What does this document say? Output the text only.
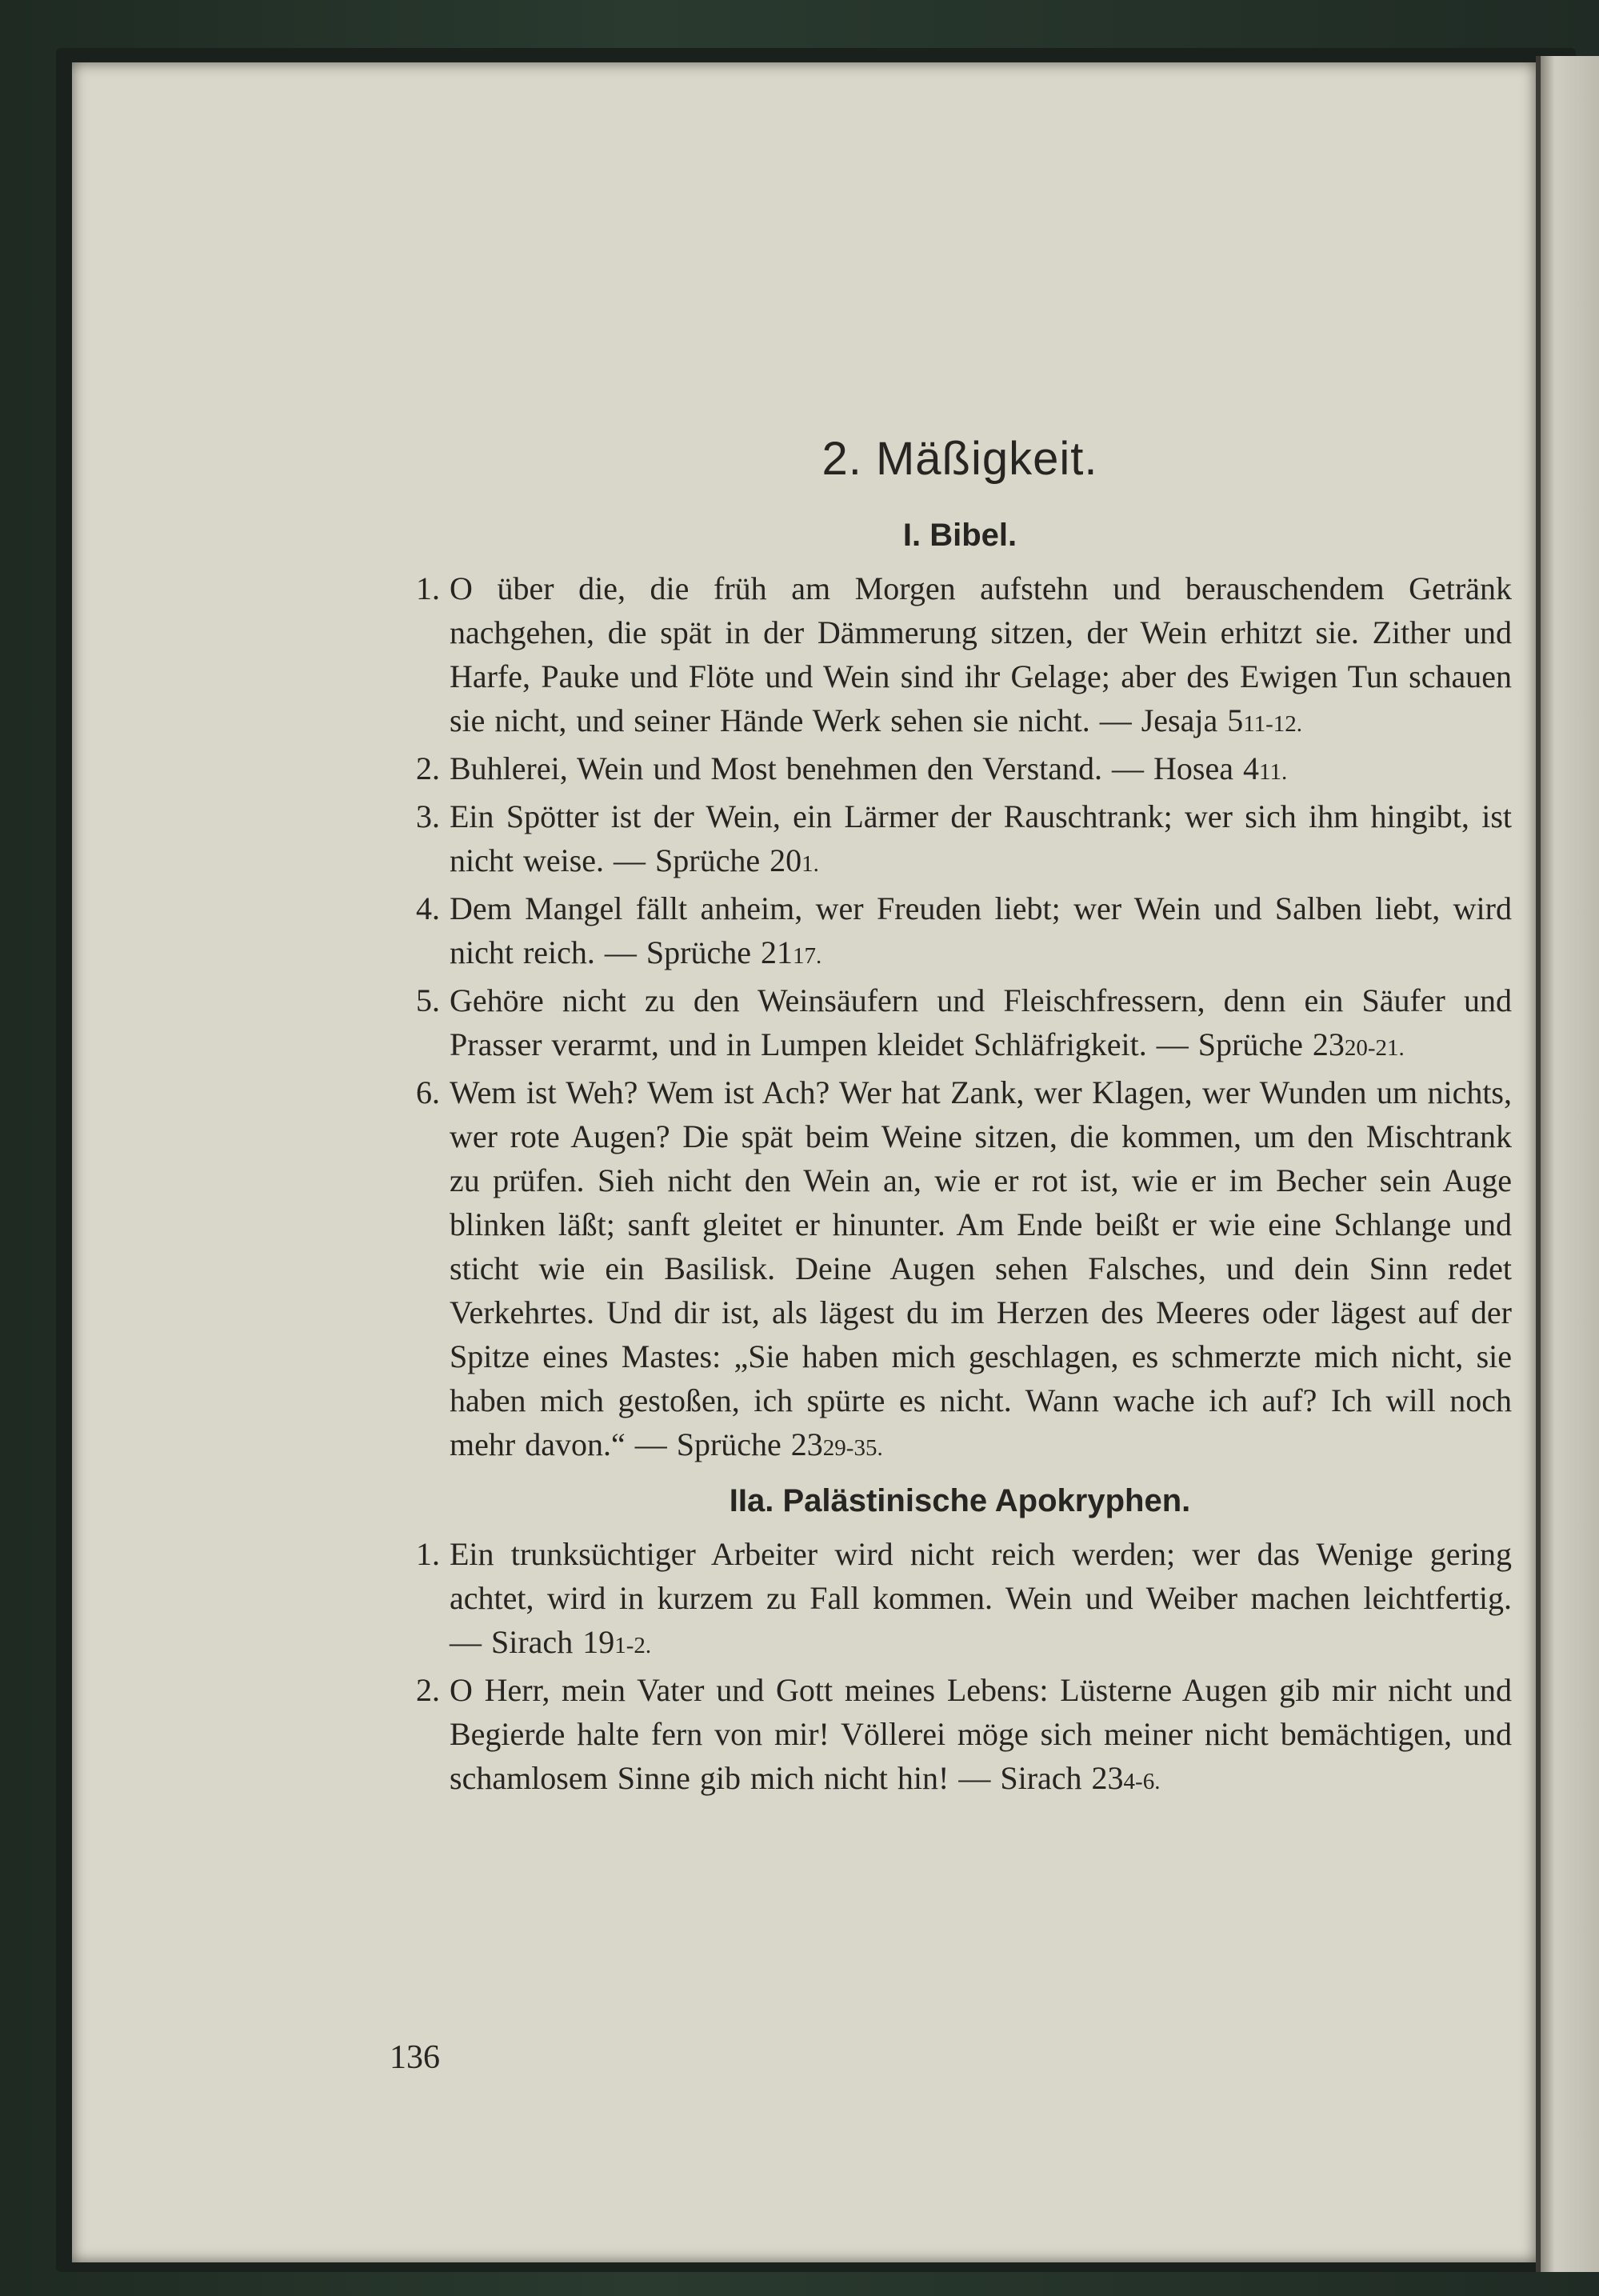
2. Mäßigkeit.
I. Bibel.
1. O über die, die früh am Morgen aufstehn und berauschendem Getränk nachgehen, die spät in der Dämmerung sitzen, der Wein erhitzt sie. Zither und Harfe, Pauke und Flöte und Wein sind ihr Gelage; aber des Ewigen Tun schauen sie nicht, und seiner Hände Werk sehen sie nicht. — Jesaja 511-12.
2. Buhlerei, Wein und Most benehmen den Verstand. — Hosea 411.
3. Ein Spötter ist der Wein, ein Lärmer der Rauschtrank; wer sich ihm hingibt, ist nicht weise. — Sprüche 201.
4. Dem Mangel fällt anheim, wer Freuden liebt; wer Wein und Salben liebt, wird nicht reich. — Sprüche 2117.
5. Gehöre nicht zu den Weinsäufern und Fleischfressern, denn ein Säufer und Prasser verarmt, und in Lumpen kleidet Schläfrigkeit. — Sprüche 2320-21.
6. Wem ist Weh? Wem ist Ach? Wer hat Zank, wer Klagen, wer Wunden um nichts, wer rote Augen? Die spät beim Weine sitzen, die kommen, um den Mischtrank zu prüfen. Sieh nicht den Wein an, wie er rot ist, wie er im Becher sein Auge blinken läßt; sanft gleitet er hinunter. Am Ende beißt er wie eine Schlange und sticht wie ein Basilisk. Deine Augen sehen Falsches, und dein Sinn redet Verkehrtes. Und dir ist, als lägest du im Herzen des Meeres oder lägest auf der Spitze eines Mastes: „Sie haben mich geschlagen, es schmerzte mich nicht, sie haben mich gestoßen, ich spürte es nicht. Wann wache ich auf? Ich will noch mehr davon.“ — Sprüche 2329-35.
IIa. Palästinische Apokryphen.
1. Ein trunksüchtiger Arbeiter wird nicht reich werden; wer das Wenige gering achtet, wird in kurzem zu Fall kommen. Wein und Weiber machen leichtfertig. — Sirach 191-2.
2. O Herr, mein Vater und Gott meines Lebens: Lüsterne Augen gib mir nicht und Begierde halte fern von mir! Völlerei möge sich meiner nicht bemächtigen, und schamlosem Sinne gib mich nicht hin! — Sirach 234-6.
136
